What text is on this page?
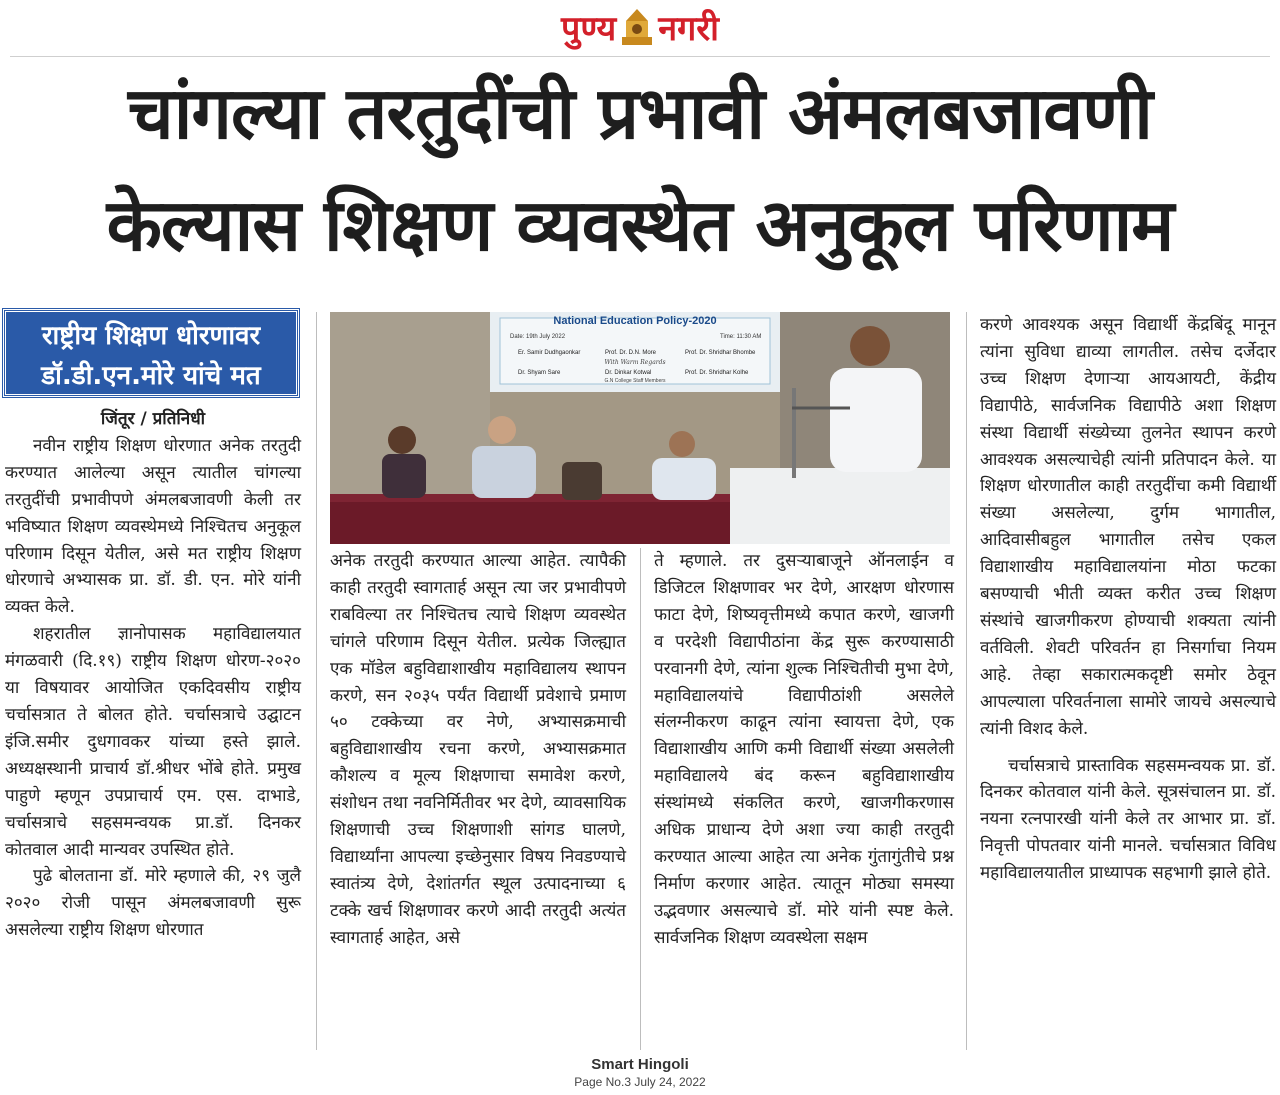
पुण्य नगरी
चांगल्या तरतुदींची प्रभावी अंमलबजावणी
केल्यास शिक्षण व्यवस्थेत अनुकूल परिणाम
राष्ट्रीय शिक्षण धोरणावर
डॉ.डी.एन.मोरे यांचे मत

जिंतूर / प्रतिनिधी

नवीन राष्ट्रीय शिक्षण धोरणात अनेक तरतुदी करण्यात आलेल्या असून त्यातील चांगल्या तरतुदींची प्रभावीपणे अंमलबजावणी केली तर भविष्यात शिक्षण व्यवस्थेमध्ये निश्चितच अनुकूल परिणाम दिसून येतील, असे मत राष्ट्रीय शिक्षण धोरणाचे अभ्यासक प्रा. डॉ. डी. एन. मोरे यांनी व्यक्त केले.

शहरातील ज्ञानोपासक महाविद्यालयात मंगळवारी (दि.१९) राष्ट्रीय शिक्षण धोरण-२०२० या विषयावर आयोजित एकदिवसीय राष्ट्रीय चर्चासत्रात ते बोलत होते. चर्चासत्राचे उद्घाटन इंजि.समीर दुधगावकर यांच्या हस्ते झाले. अध्यक्षस्थानी प्राचार्य डॉ.श्रीधर भोंबे होते. प्रमुख पाहुणे म्हणून उपप्राचार्य एम. एस. दाभाडे, चर्चासत्राचे सहसमन्वयक प्रा.डॉ. दिनकर कोतवाल आदी मान्यवर उपस्थित होते.

पुढे बोलताना डॉ. मोरे म्हणाले की, २९ जुलै २०२० रोजी पासून अंमलबजावणी सुरू असलेल्या राष्ट्रीय शिक्षण धोरणात

National Education Policy-2020
Date: 19th July 2022	Time: 11:30 AM
Er. Samir Dudhgaonkar	Prof. Dr. D.N. More	Prof. Dr. Shridhar Bhombe
With Warm Regards
Dr. Shyam Sare	Dr. Dinkar Kotwal	Prof. Dr. Shridhar Kolhe
G.N College Staff Members

अनेक तरतुदी करण्यात आल्या आहेत. त्यापैकी काही तरतुदी स्वागतार्ह असून त्या जर प्रभावीपणे राबविल्या तर निश्चितच त्याचे शिक्षण व्यवस्थेत चांगले परिणाम दिसून येतील. प्रत्येक जिल्ह्यात एक मॉडेल बहुविद्याशाखीय महाविद्यालय स्थापन करणे, सन २०३५ पर्यंत विद्यार्थी प्रवेशाचे प्रमाण ५० टक्केच्या वर नेणे, अभ्यासक्रमाची बहुविद्याशाखीय रचना करणे, अभ्यासक्रमात कौशल्य व मूल्य शिक्षणाचा समावेश करणे, संशोधन तथा नवनिर्मितीवर भर देणे, व्यावसायिक शिक्षणाची उच्च शिक्षणाशी सांगड घालणे, विद्यार्थ्यांना आपल्या इच्छेनुसार विषय निवडण्याचे स्वातंत्र्य देणे, देशांतर्गत स्थूल उत्पादनाच्या ६ टक्के खर्च शिक्षणावर करणे आदी तरतुदी अत्यंत स्वागतार्ह आहेत, असे

ते म्हणाले. तर दुसऱ्याबाजूने ऑनलाईन व डिजिटल शिक्षणावर भर देणे, आरक्षण धोरणास फाटा देणे, शिष्यवृत्तीमध्ये कपात करणे, खाजगी व परदेशी विद्यापीठांना केंद्र सुरू करण्यासाठी परवानगी देणे, त्यांना शुल्क निश्चितीची मुभा देणे, महाविद्यालयांचे विद्यापीठांशी असलेले संलग्नीकरण काढून त्यांना स्वायत्ता देणे, एक विद्याशाखीय आणि कमी विद्यार्थी संख्या असलेली महाविद्यालये बंद करून बहुविद्याशाखीय संस्थांमध्ये संकलित करणे, खाजगीकरणास अधिक प्राधान्य देणे अशा ज्या काही तरतुदी करण्यात आल्या आहेत त्या अनेक गुंतागुंतीचे प्रश्न निर्माण करणार आहेत. त्यातून मोठ्या समस्या उद्भवणार असल्याचे डॉ. मोरे यांनी स्पष्ट केले. सार्वजनिक शिक्षण व्यवस्थेला सक्षम

करणे आवश्यक असून विद्यार्थी केंद्रबिंदू मानून त्यांना सुविधा द्याव्या लागतील. तसेच दर्जेदार उच्च शिक्षण देणाऱ्या आयआयटी, केंद्रीय विद्यापीठे, सार्वजनिक विद्यापीठे अशा शिक्षण संस्था विद्यार्थी संख्येच्या तुलनेत स्थापन करणे आवश्यक असल्याचेही त्यांनी प्रतिपादन केले. या शिक्षण धोरणातील काही तरतुदींचा कमी विद्यार्थी संख्या असलेल्या, दुर्गम भागातील, आदिवासीबहुल भागातील तसेच एकल विद्याशाखीय महाविद्यालयांना मोठा फटका बसण्याची भीती व्यक्त करीत उच्च शिक्षण संस्थांचे खाजगीकरण होण्याची शक्यता त्यांनी वर्तविली. शेवटी परिवर्तन हा निसर्गाचा नियम आहे. तेव्हा सकारात्मकदृष्टी समोर ठेवून आपल्याला परिवर्तनाला सामोरे जायचे असल्याचे त्यांनी विशद केले.

चर्चासत्राचे प्रास्ताविक सहसमन्वयक प्रा. डॉ. दिनकर कोतवाल यांनी केले. सूत्रसंचालन प्रा. डॉ. नयना रत्नपारखी यांनी केले तर आभार प्रा. डॉ. निवृत्ती पोपतवार यांनी मानले. चर्चासत्रात विविध महाविद्यालयातील प्राध्यापक सहभागी झाले होते.

Smart Hingoli
Page No.3 July 24, 2022
